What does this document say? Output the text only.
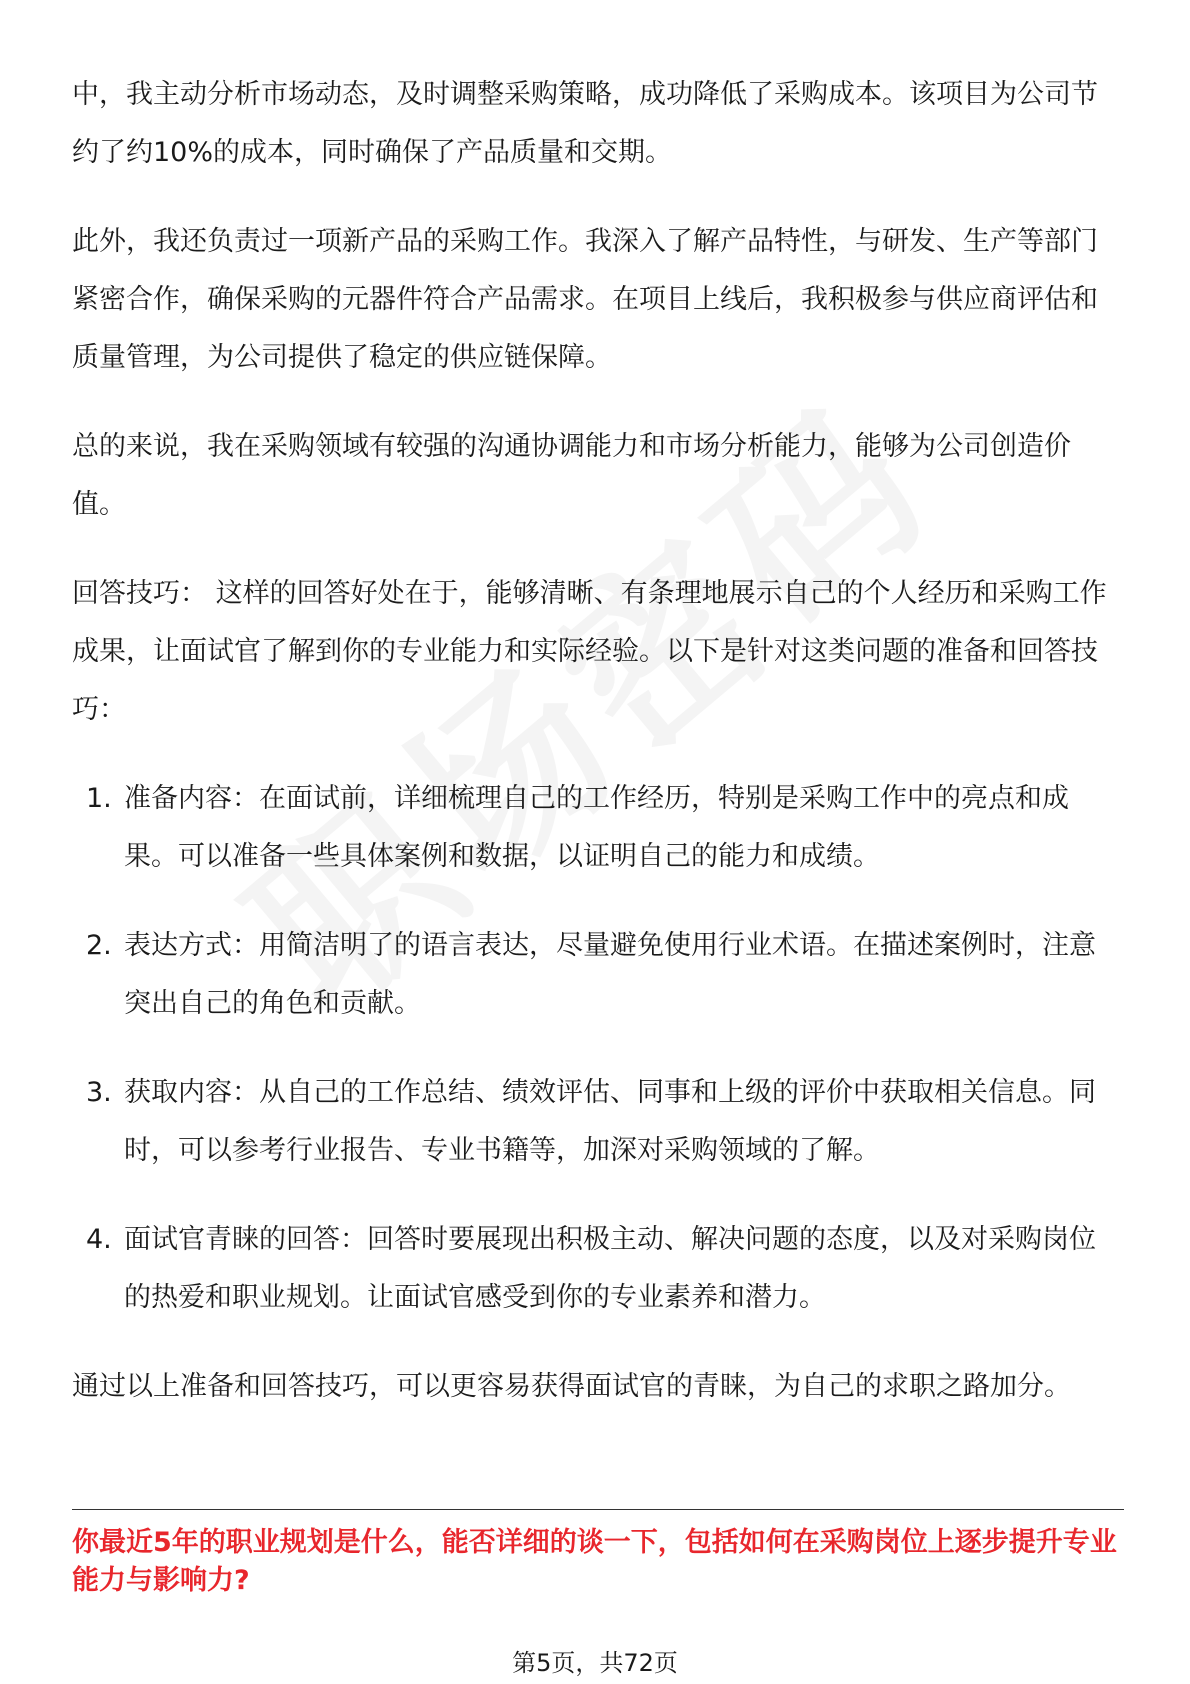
中，我主动分析市场动态，及时调整采购策略，成功降低了采购成本。该项目为公司节约了约10%的成本，同时确保了产品质量和交期。

此外，我还负责过一项新产品的采购工作。我深入了解产品特性，与研发、生产等部门紧密合作，确保采购的元器件符合产品需求。在项目上线后，我积极参与供应商评估和质量管理，为公司提供了稳定的供应链保障。

总的来说，我在采购领域有较强的沟通协调能力和市场分析能力，能够为公司创造价值。

回答技巧： 这样的回答好处在于，能够清晰、有条理地展示自己的个人经历和采购工作成果，让面试官了解到你的专业能力和实际经验。以下是针对这类问题的准备和回答技巧：

1. 准备内容：在面试前，详细梳理自己的工作经历，特别是采购工作中的亮点和成果。可以准备一些具体案例和数据，以证明自己的能力和成绩。
2. 表达方式：用简洁明了的语言表达，尽量避免使用行业术语。在描述案例时，注意突出自己的角色和贡献。
3. 获取内容：从自己的工作总结、绩效评估、同事和上级的评价中获取相关信息。同时，可以参考行业报告、专业书籍等，加深对采购领域的了解。
4. 面试官青睐的回答：回答时要展现出积极主动、解决问题的态度，以及对采购岗位的热爱和职业规划。让面试官感受到你的专业素养和潜力。

通过以上准备和回答技巧，可以更容易获得面试官的青睐，为自己的求职之路加分。

你最近5年的职业规划是什么，能否详细的谈一下，包括如何在采购岗位上逐步提升专业能力与影响力?

第5页，共72页
